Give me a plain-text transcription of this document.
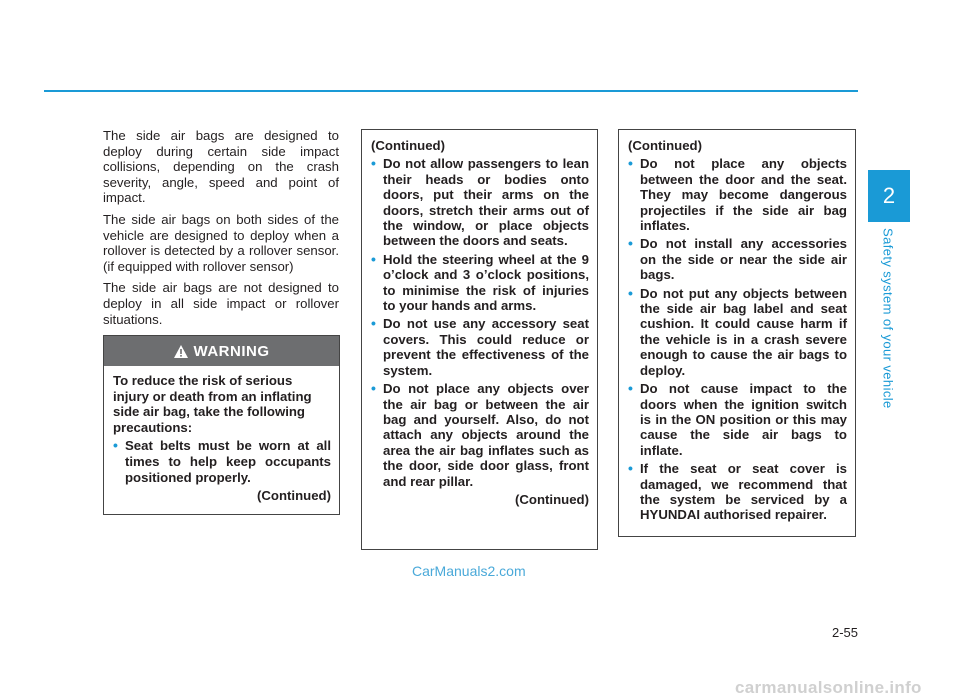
2
Safety system of your vehicle

The side air bags are designed to deploy during certain side impact collisions, depending on the crash severity, angle, speed and point of impact.

The side air bags on both sides of the vehicle are designed to deploy when a rollover is detected by a rollover sensor. (if equipped with rollover sensor)

The side air bags are not designed to deploy in all side impact or rollover situations.

WARNING

To reduce the risk of serious injury or death from an inflating side air bag, take the following precautions:

• Seat belts must be worn at all times to help keep occupants positioned properly.
(Continued)
(Continued)
• Do not allow passengers to lean their heads or bodies onto doors, put their arms on the doors, stretch their arms out of the window, or place objects between the doors and seats.
• Hold the steering wheel at the 9 o’clock and 3 o’clock positions, to minimise the risk of injuries to your hands and arms.
• Do not use any accessory seat covers. This could reduce or prevent the effectiveness of the system.
• Do not place any objects over the air bag or between the air bag and yourself. Also, do not attach any objects around the area the air bag inflates such as the door, side door glass, front and rear pillar.
(Continued)
(Continued)
• Do not place any objects between the door and the seat. They may become dangerous projectiles if the side air bag inflates.
• Do not install any accessories on the side or near the side air bags.
• Do not put any objects between the side air bag label and seat cushion. It could cause harm if the vehicle is in a crash severe enough to cause the air bags to deploy.
• Do not cause impact to the doors when the ignition switch is in the ON position or this may cause the side air bags to inflate.
• If the seat or seat cover is damaged, we recommend that the system be serviced by a HYUNDAI authorised repairer.
CarManuals2.com
2-55
carmanualsonline.info
